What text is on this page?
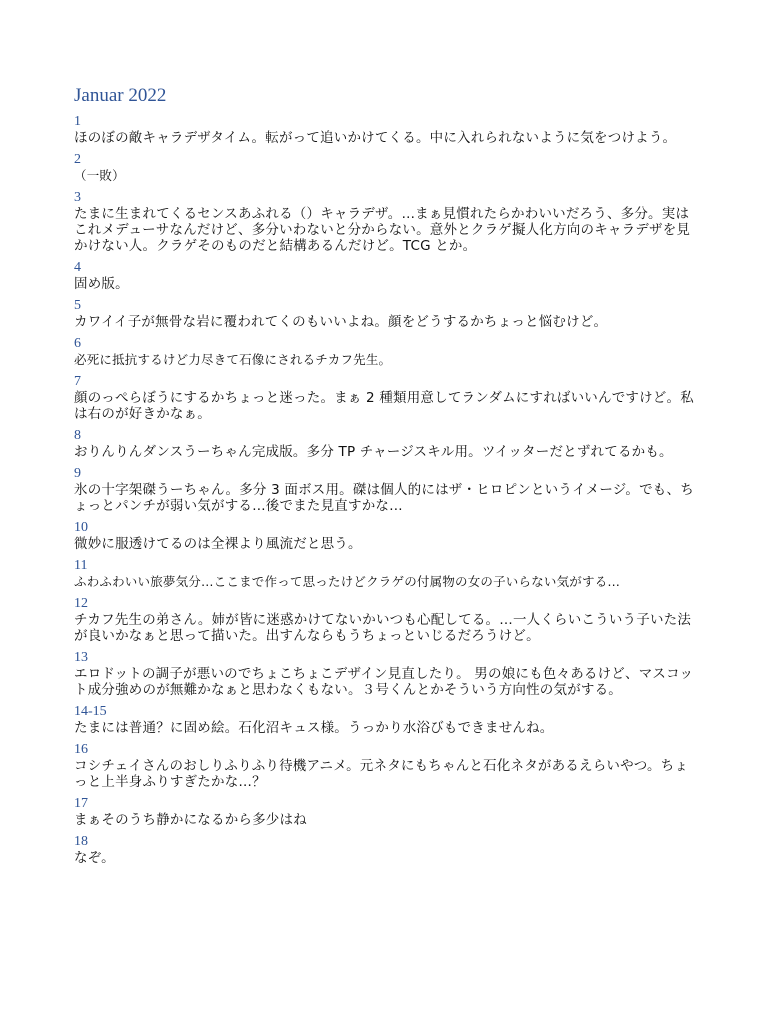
Januar 2022
1
ほのぼの敵キャラデザタイム。転がって追いかけてくる。中に入れられないように気をつけよう。
2
（一敗）
3
たまに生まれてくるセンスあふれる（）キャラデザ。…まぁ見慣れたらかわいいだろう、多分。実はこれメデューサなんだけど、多分いわないと分からない。意外とクラゲ擬人化方向のキャラデザを見かけない人。クラゲそのものだと結構あるんだけど。TCG とか。
4
固め版。
5
カワイイ子が無骨な岩に覆われてくのもいいよね。顔をどうするかちょっと悩むけど。
6
必死に抵抗するけど力尽きて石像にされるチカフ先生。
7
顔のっぺらぼうにするかちょっと迷った。まぁ 2 種類用意してランダムにすればいいんですけど。私は右のが好きかなぁ。
8
おりんりんダンスうーちゃん完成版。多分 TP チャージスキル用。ツイッターだとずれてるかも。
9
氷の十字架磔うーちゃん。多分 3 面ボス用。磔は個人的にはザ・ヒロピンというイメージ。でも、ちょっとパンチが弱い気がする…後でまた見直すかな…
10
微妙に服透けてるのは全裸より風流だと思う。
11
ふわふわいい旅夢気分…ここまで作って思ったけどクラゲの付属物の女の子いらない気がする…
12
チカフ先生の弟さん。姉が皆に迷惑かけてないかいつも心配してる。…一人くらいこういう子いた法が良いかなぁと思って描いた。出すんならもうちょっといじるだろうけど。
13
エロドットの調子が悪いのでちょこちょこデザイン見直したり。 男の娘にも色々あるけど、マスコット成分強めのが無難かなぁと思わなくもない。３号くんとかそういう方向性の気がする。
14-15
たまには普通？に固め絵。石化沼キュス様。うっかり水浴びもできませんね。
16
コシチェイさんのおしりふりふり待機アニメ。元ネタにもちゃんと石化ネタがあるえらいやつ。ちょっと上半身ふりすぎたかな…？
17
まぁそのうち静かになるから多少はね
18
なぞ。
